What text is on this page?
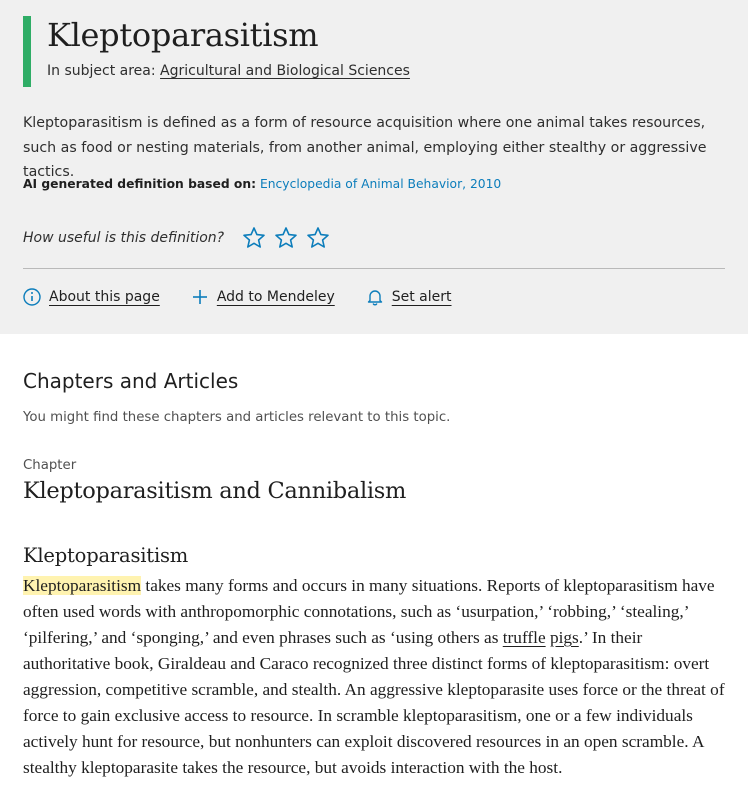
Kleptoparasitism
In subject area: Agricultural and Biological Sciences
Kleptoparasitism is defined as a form of resource acquisition where one animal takes resources, such as food or nesting materials, from another animal, employing either stealthy or aggressive tactics.
AI generated definition based on: Encyclopedia of Animal Behavior, 2010
How useful is this definition?
About this page	Add to Mendeley	Set alert
Chapters and Articles
You might find these chapters and articles relevant to this topic.
Chapter
Kleptoparasitism and Cannibalism
Kleptoparasitism

Kleptoparasitism takes many forms and occurs in many situations. Reports of kleptoparasitism have often used words with anthropomorphic connotations, such as ‘usurpation,’ ‘robbing,’ ‘stealing,’ ‘pilfering,’ and ‘sponging,’ and even phrases such as ‘using others as truffle pigs.’ In their authoritative book, Giraldeau and Caraco recognized three distinct forms of kleptoparasitism: overt aggression, competitive scramble, and stealth. An aggressive kleptoparasite uses force or the threat of force to gain exclusive access to resource. In scramble kleptoparasitism, one or a few individuals actively hunt for resource, but nonhunters can exploit discovered resources in an open scramble. A stealthy kleptoparasite takes the resource, but avoids interaction with the host.
